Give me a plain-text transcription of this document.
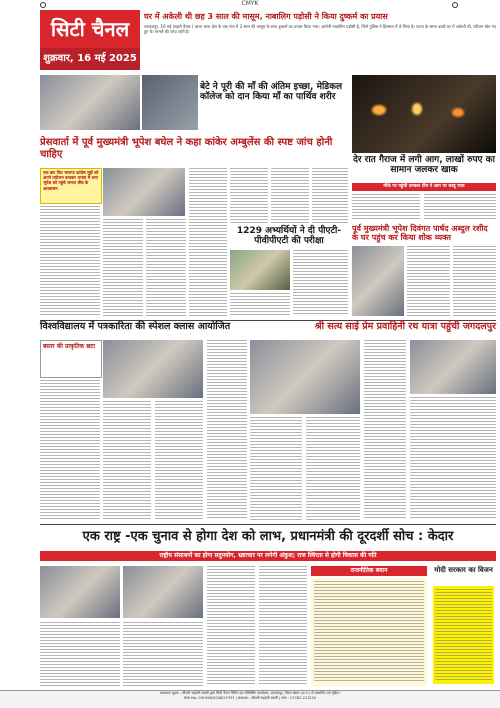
CMYK
सिटी चैनल
शुक्रवार, 16 मई 2025
घर में अकेली थी छह 3 साल की मासूम, नाबालिग पड़ोसी ने किया दुष्कर्म का प्रयास
जगदलपुर, 16 मई (सहसे चैनल ) दरभा थाना क्षेत्र के एक गांव में 3 साल की मासूम के साथ दुष्कर्म का प्रयास किया गया। आरोपी नाबालिग पड़ोसी है, जिसे पुलिस ने हिरासत में ले लिया है। घटना के समय बच्ची घर में अकेली थी, परिजन खेत गए हुए थे। मामले की जांच जारी है।
बेटे ने पूरी की माँ की अंतिम इच्छा, मेडिकल कॉलेज को दान किया माँ का पार्थिव शरीर
देर रात गैराज में लगी आग, लाखों रुपए का सामान जलकर खाक
मौके पर पहुंची दमकल टीम ने आग पर काबू पाया
प्रेसवार्ता में पूर्व मुख्यमंत्री भूपेश बघेल ने कहा कांकेर अम्बुलेंस की स्पष्ट जांच होनी चाहिए
एक बार फिर भाजपा कांग्रेस मुद्दों को अपने प्रयोजन बनाकर जनता में लाए भूपेश को पहुंचे जनता बीच के आश्वासन
1229 अभ्यर्थियों ने दी पीएटी-पीवीपीएटी की परीक्षा
पूर्व मुख्यमंत्री भूपेश दिवंगत पार्षद अब्दुल रशीद के घर पहुंच कर किया शोक व्यक्त
विश्वविद्यालय में पत्रकारिता की स्पेशल क्लास आयोजित	श्री सत्य साई प्रेम प्रवाहिनी रथ यात्रा पहुंची जगदलपुर
बस्तर की प्राकृतिक छटा
एक राष्ट्र -एक चुनाव से होगा देश को लाभ, प्रधानमंत्री की दूरदर्शी सोच : केदार
राष्ट्रीय संसाधनों का होगा सदुपयोग, भ्रष्टाचार पर लगेगी अंकुश; राज स्थिरता से होगी विकास की गति
राजनीतिक बयान	मोदी सरकार का विजन
प्रकाशक मुद्रक : श्रीमती सहदेवी स्वामी द्वारा सिटी चैनल प्रिंटिंग एंड पब्लिशिंग कार्यालय, जगदलपुर, जिला बस्तर (छ.ग.) से प्रकाशित एवं मुद्रित।
RNI No. CHHHIN/2008/25793 | संपादक : श्रीमती सहदेवी स्वामी | फोन : 07782-221234
